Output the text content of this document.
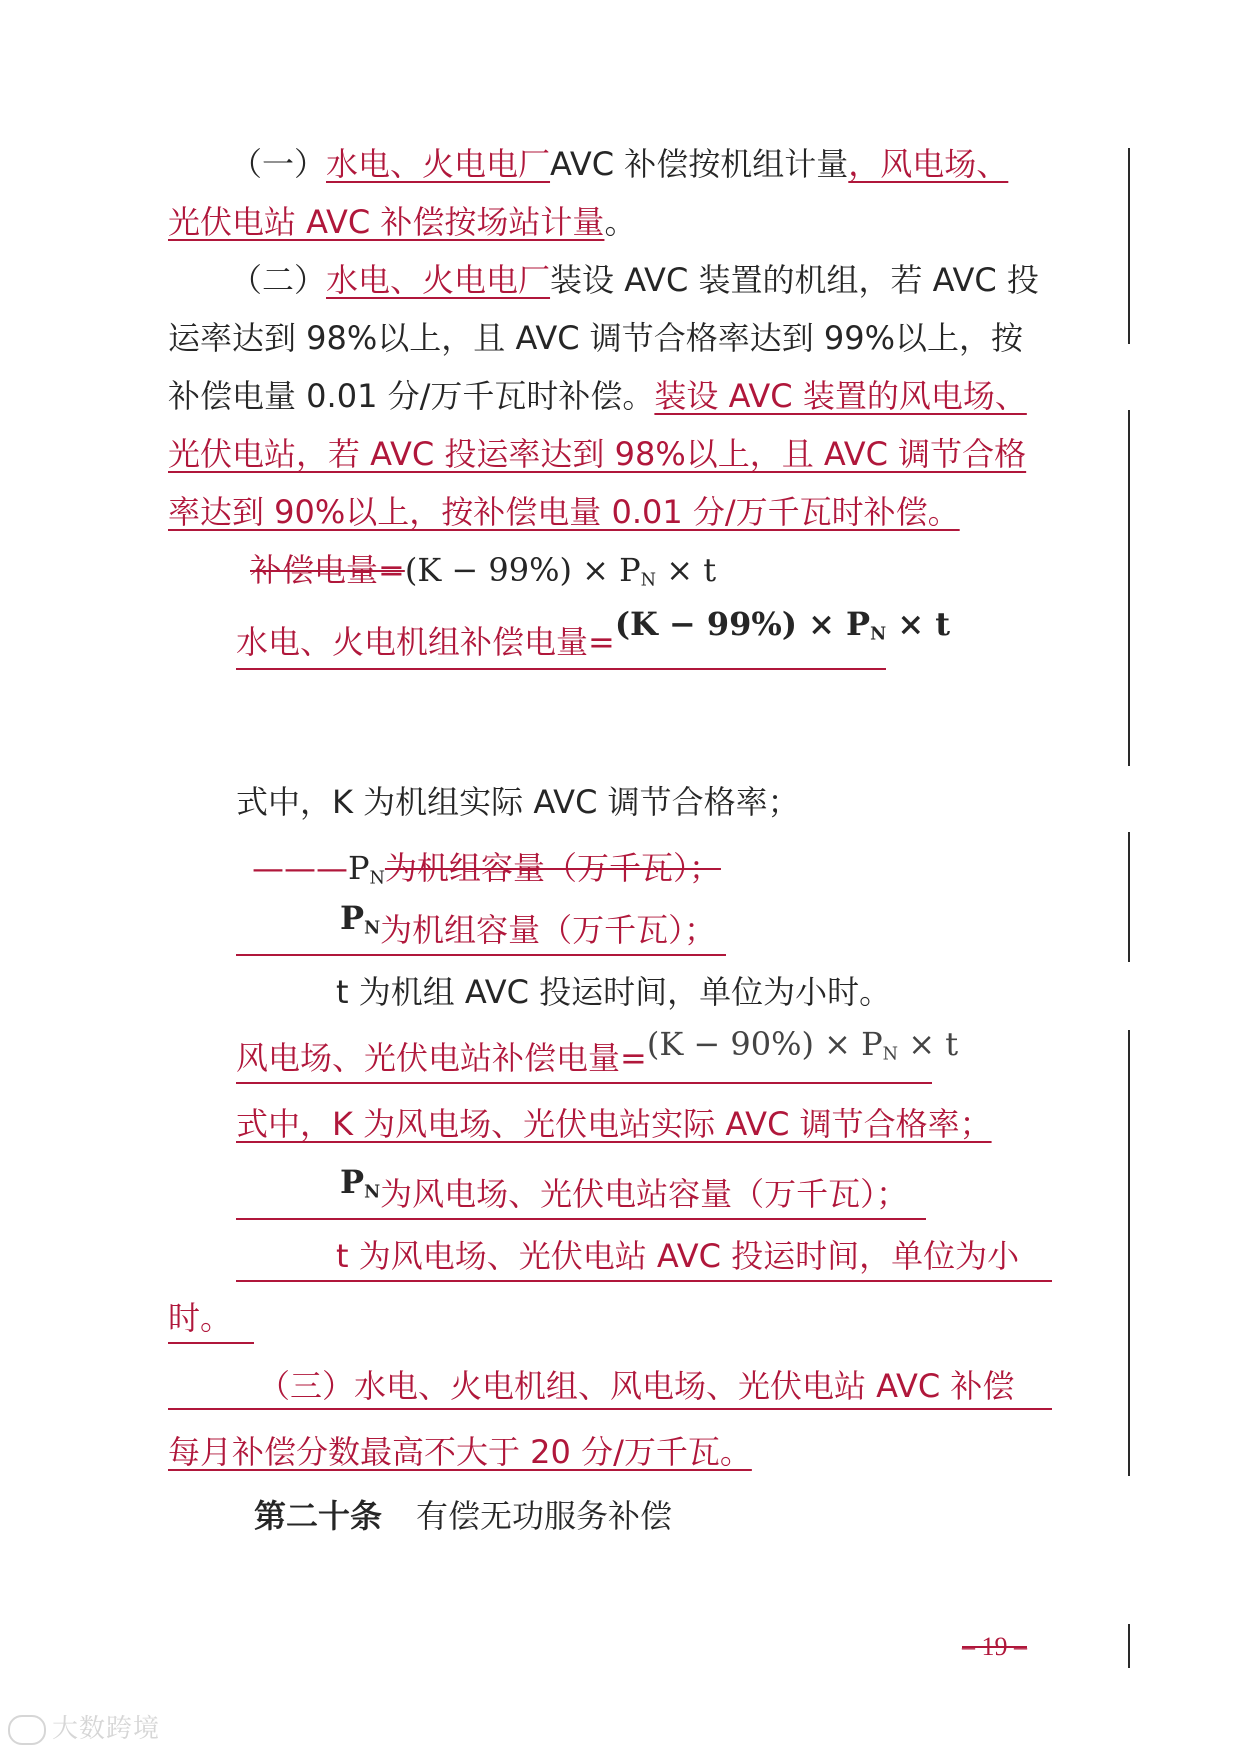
（一）水电、火电电厂AVC 补偿按机组计量，风电场、
光伏电站 AVC 补偿按场站计量。
（二）水电、火电电厂装设 AVC 装置的机组，若 AVC 投
运率达到 98%以上，且 AVC 调节合格率达到 99%以上，按
补偿电量 0.01 分/万千瓦时补偿。装设 AVC 装置的风电场、
光伏电站，若 AVC 投运率达到 98%以上，且 AVC 调节合格
率达到 90%以上，按补偿电量 0.01 分/万千瓦时补偿。
补偿电量$=(K - 99\%) \times P_N \times t$
水电、火电机组补偿电量$=(K - 99\%) \times P_N \times t$
式中，K 为机组实际 AVC 调节合格率；
$———P_N$为机组容量（万千瓦）；
$P_N$为机组容量（万千瓦）；
t 为机组 AVC 投运时间，单位为小时。
风电场、光伏电站补偿电量$=(K - 90\%) \times P_N \times t$
式中，K 为风电场、光伏电站实际 AVC 调节合格率；
$P_N$为风电场、光伏电站容量（万千瓦）；
t 为风电场、光伏电站 AVC 投运时间，单位为小
时。
（三）水电、火电机组、风电场、光伏电站 AVC 补偿
每月补偿分数最高不大于 20 分/万千瓦。
第二十条 有偿无功服务补偿
– 19 –
大数跨境
